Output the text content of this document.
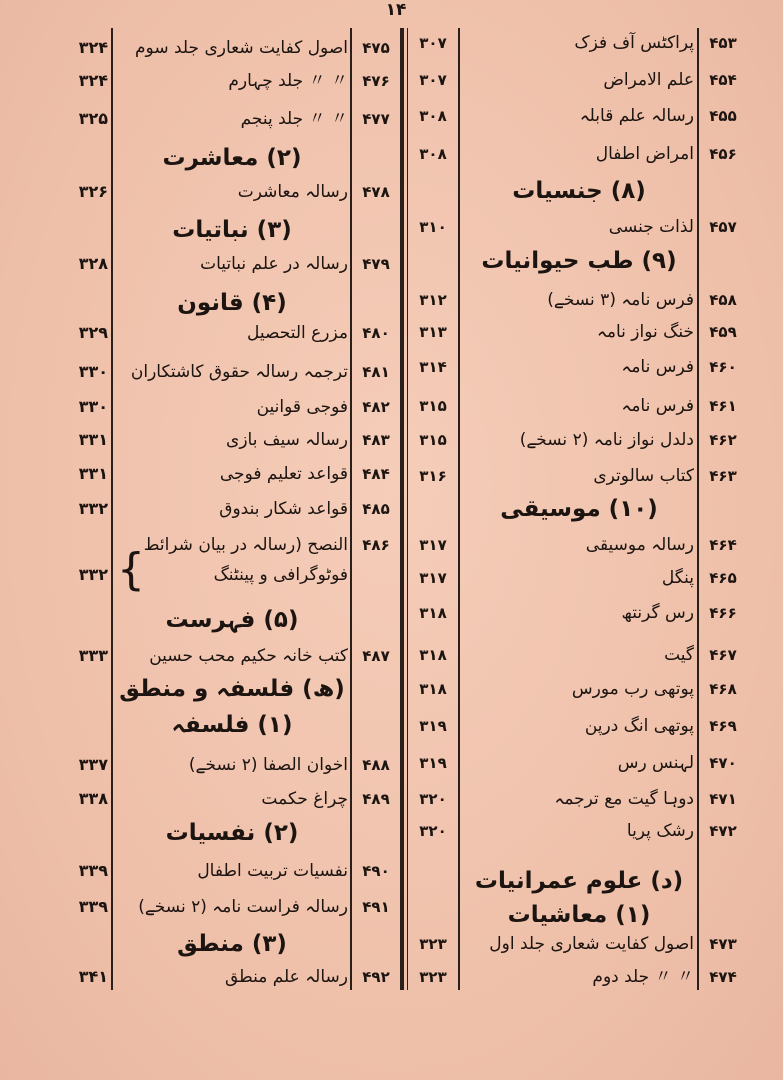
۱۴
۳۲۴	اصول کفایت شعاری جلد سوم ۴۷۵
۳۲۴	〃 〃 جلد چہارم ۴۷۶
۳۲۵	〃 〃 جلد پنجم ۴۷۷
(۲) معاشرت
۳۲۶	رسالہ معاشرت ۴۷۸
(۳) نباتیات
۳۲۸	رسالہ در علم نباتیات ۴۷۹
(۴) قانون
۳۲۹	مزرع التحصیل ۴۸۰
۳۳۰	ترجمہ رسالہ حقوق کاشتکاران ۴۸۱
۳۳۰	فوجی قوانین ۴۸۲
۳۳۱	رسالہ سیف بازی ۴۸۳
۳۳۱	قواعد تعلیم فوجی ۴۸۴
۳۳۲	قواعد شکار بندوق ۴۸۵
النصح (رسالہ در بیان شرائط ۴۸۶
۳۳۲	فوٹوگرافی و پینٹنگ
(۵) فہرست
۳۳۳	کتب خانہ حکیم محب حسین ۴۸۷
(ھ) فلسفہ و منطق
(۱) فلسفہ
۳۳۷	اخوان الصفا (۲ نسخے) ۴۸۸
۳۳۸	چراغ حکمت ۴۸۹
(۲) نفسیات
۳۳۹	نفسیات تربیت اطفال ۴۹۰
۳۳۹	رسالہ فراست نامہ (۲ نسخے) ۴۹۱
(۳) منطق
۳۴۱	رسالہ علم منطق ۴۹۲
۳۰۷	پراکٹس آف فزک	۴۵۳
۳۰۷	علم الامراض	۴۵۴
۳۰۸	رسالہ علم قابلہ	۴۵۵
۳۰۸	امراض اطفال	۴۵۶
(۸) جنسیات
۳۱۰	لذات جنسی	۴۵۷
(۹) طب حیوانیات
۳۱۲	فرس نامہ (۳ نسخے)	۴۵۸
۳۱۳	خنگ نواز نامہ	۴۵۹
۳۱۴	فرس نامہ	۴۶۰
۳۱۵	فرس نامہ	۴۶۱
۳۱۵	دلدل نواز نامہ (۲ نسخے)	۴۶۲
۳۱۶	کتاب سالوتری	۴۶۳
(۱۰) موسیقی
۳۱۷	رسالہ موسیقی	۴۶۴
۳۱۷	پنگل	۴۶۵
۳۱۸	رس گرنتھ	۴۶۶
۳۱۸	گیت	۴۶۷
۳۱۸	پوتھی رب مورس	۴۶۸
۳۱۹	پوتھی انگ درپن	۴۶۹
۳۱۹	لہنس رس	۴۷۰
۳۲۰	دوہا گیت مع ترجمہ	۴۷۱
۳۲۰	رشک پریا	۴۷۲
(د) علوم عمرانیات
(۱) معاشیات
۳۲۳	اصول کفایت شعاری جلد اول	۴۷۳
۳۲۳	〃 〃 جلد دوم	۴۷۴
{
